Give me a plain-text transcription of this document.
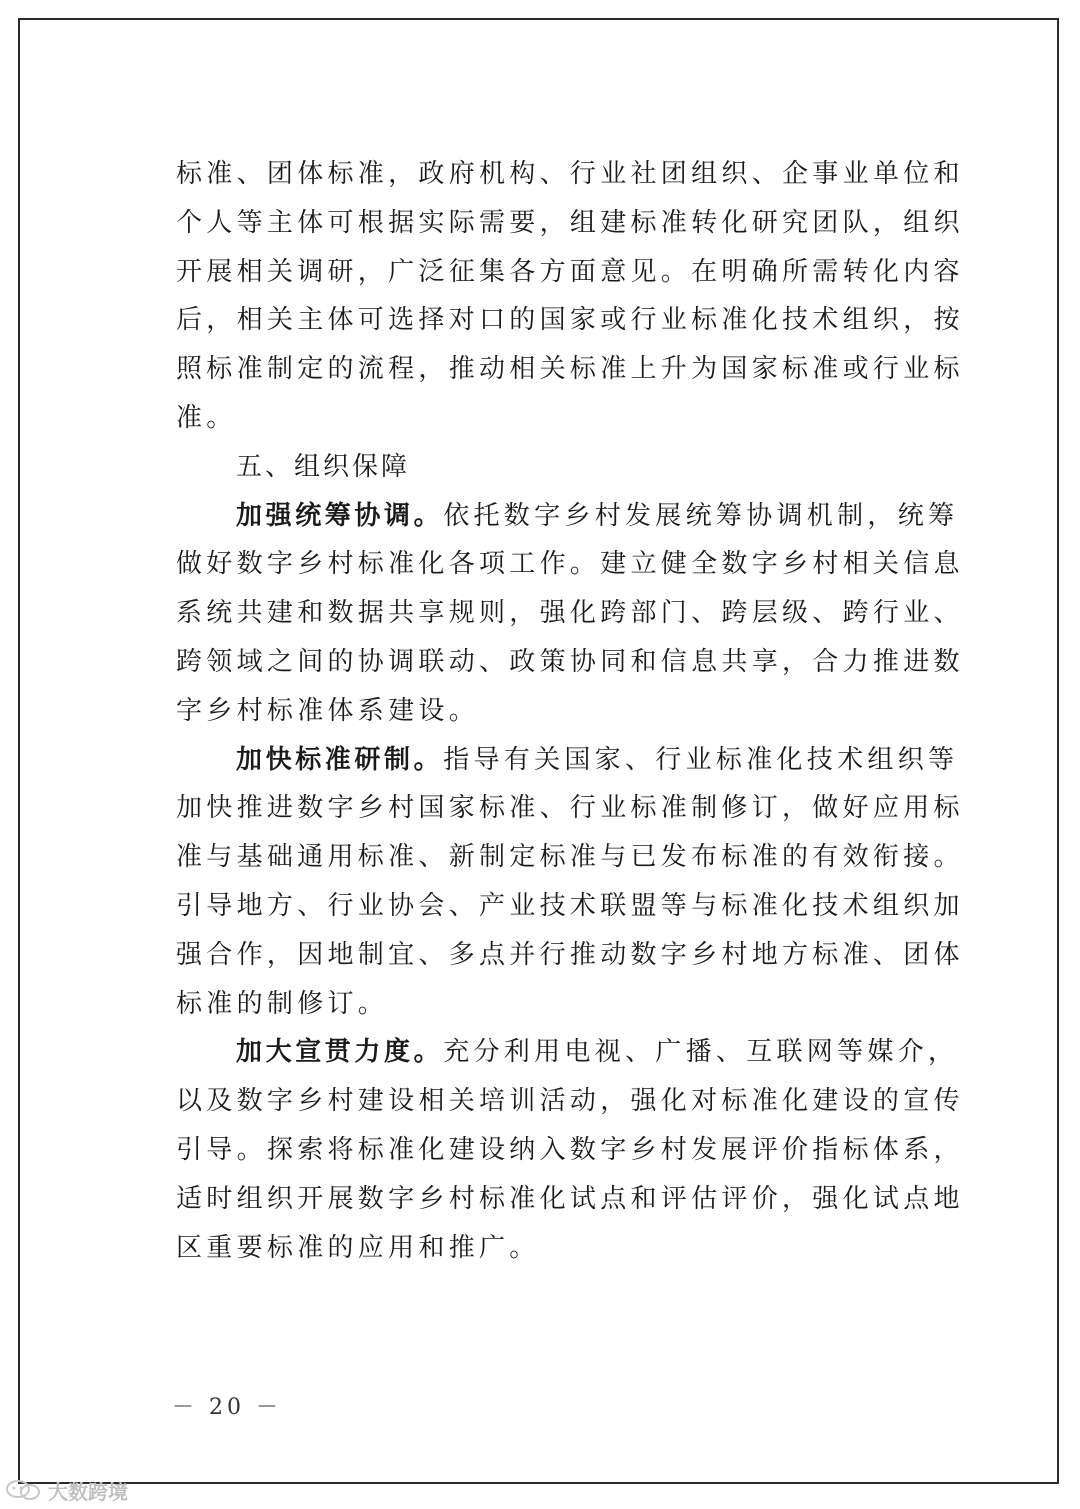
标准、团体标准，政府机构、行业社团组织、企事业单位和
个人等主体可根据实际需要，组建标准转化研究团队，组织
开展相关调研，广泛征集各方面意见。在明确所需转化内容
后，相关主体可选择对口的国家或行业标准化技术组织，按
照标准制定的流程，推动相关标准上升为国家标准或行业标
准。
五、组织保障
加强统筹协调。依托数字乡村发展统筹协调机制，统筹
做好数字乡村标准化各项工作。建立健全数字乡村相关信息
系统共建和数据共享规则，强化跨部门、跨层级、跨行业、
跨领域之间的协调联动、政策协同和信息共享，合力推进数
字乡村标准体系建设。
加快标准研制。指导有关国家、行业标准化技术组织等
加快推进数字乡村国家标准、行业标准制修订，做好应用标
准与基础通用标准、新制定标准与已发布标准的有效衔接。
引导地方、行业协会、产业技术联盟等与标准化技术组织加
强合作，因地制宜、多点并行推动数字乡村地方标准、团体
标准的制修订。
加大宣贯力度。充分利用电视、广播、互联网等媒介，
以及数字乡村建设相关培训活动，强化对标准化建设的宣传
引导。探索将标准化建设纳入数字乡村发展评价指标体系，
适时组织开展数字乡村标准化试点和评估评价，强化试点地
区重要标准的应用和推广。
－ 20 －
大数跨境
